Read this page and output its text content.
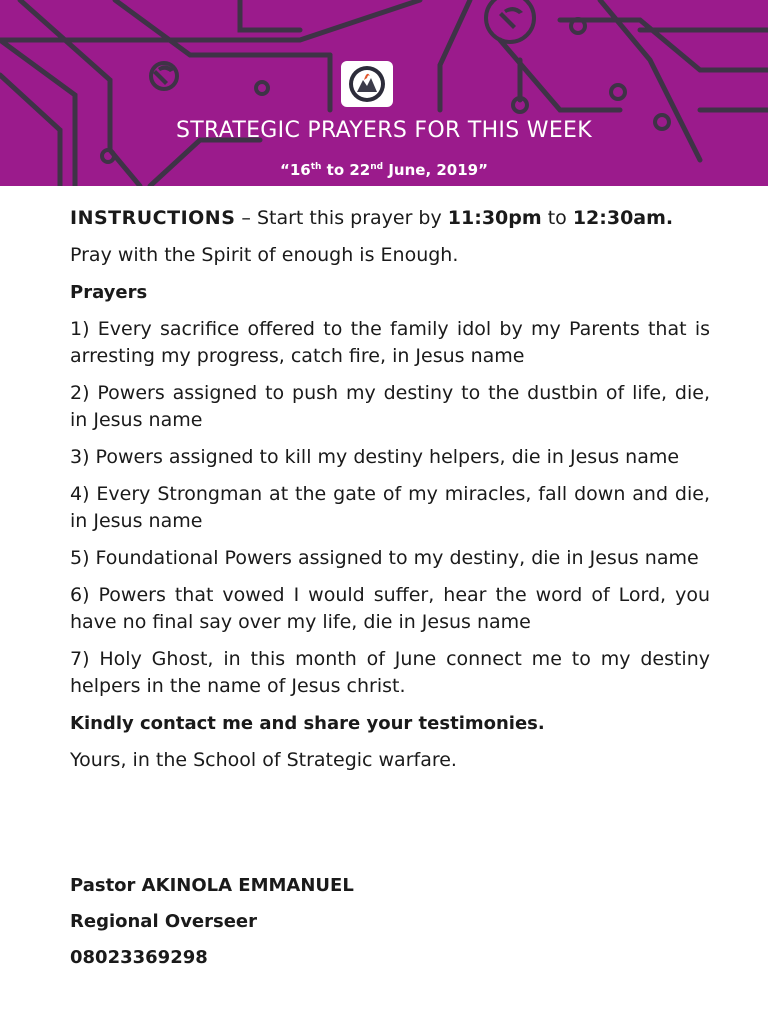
STRATEGIC PRAYERS FOR THIS WEEK
“16th to 22nd June, 2019”

INSTRUCTIONS – Start this prayer by 11:30pm to 12:30am.

Pray with the Spirit of enough is Enough.

Prayers

1) Every sacrifice offered to the family idol by my Parents that is arresting my progress, catch fire, in Jesus name

2) Powers assigned to push my destiny to the dustbin of life, die, in Jesus name

3) Powers assigned to kill my destiny helpers, die in Jesus name

4) Every Strongman at the gate of my miracles, fall down and die, in Jesus name

5) Foundational Powers assigned to my destiny, die in Jesus name

6) Powers that vowed I would suffer, hear the word of Lord, you have no final say over my life, die in Jesus name

7) Holy Ghost, in this month of June connect me to my destiny helpers in the name of Jesus christ.

Kindly contact me and share your testimonies.

Yours, in the School of Strategic warfare.

Pastor AKINOLA EMMANUEL
Regional Overseer
08023369298
